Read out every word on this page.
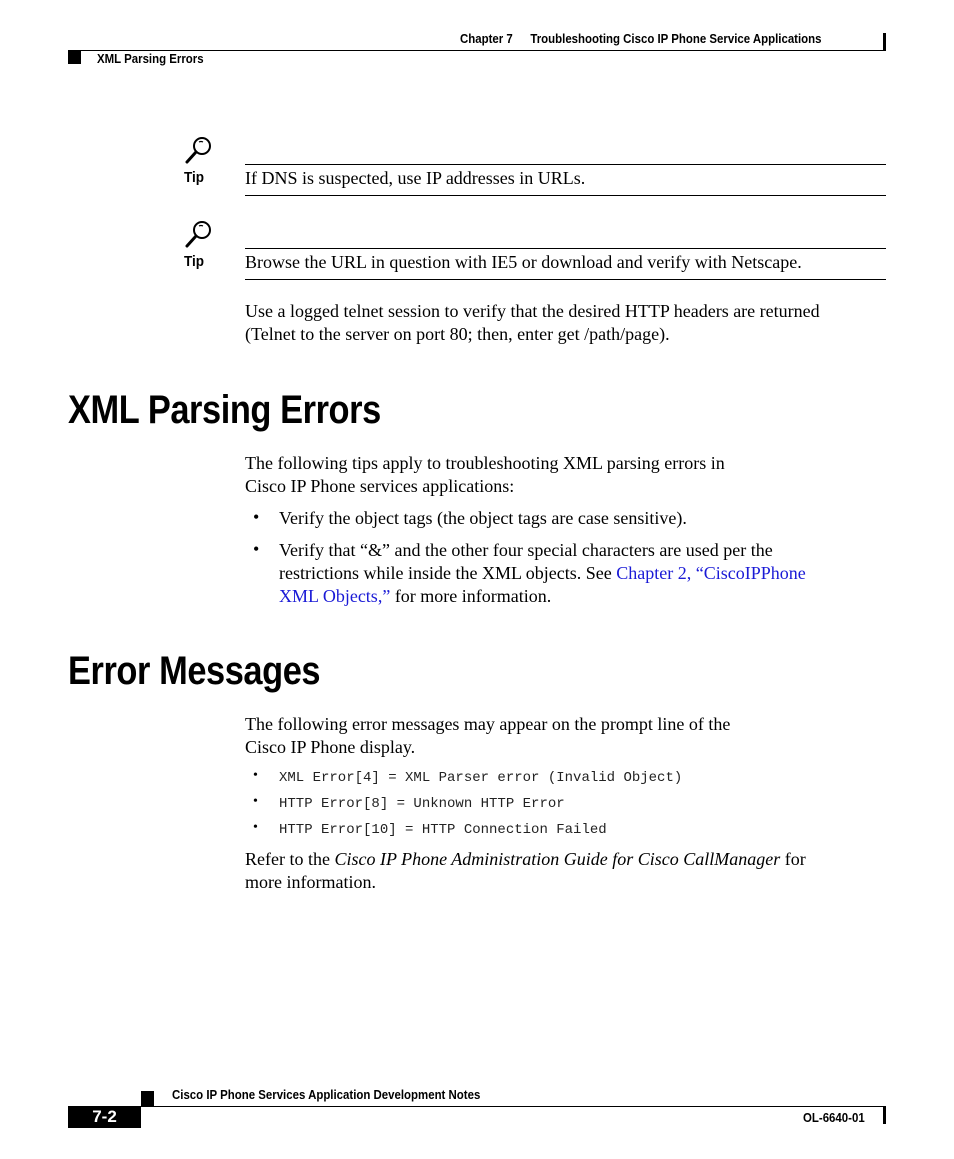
Chapter 7 Troubleshooting Cisco IP Phone Service Applications
XML Parsing Errors
Tip If DNS is suspected, use IP addresses in URLs.
Tip Browse the URL in question with IE5 or download and verify with Netscape.
Use a logged telnet session to verify that the desired HTTP headers are returned
(Telnet to the server on port 80; then, enter get /path/page).
XML Parsing Errors
The following tips apply to troubleshooting XML parsing errors in
Cisco IP Phone services applications:
• Verify the object tags (the object tags are case sensitive).
• Verify that “&” and the other four special characters are used per the
restrictions while inside the XML objects. See Chapter 2, “CiscoIPPhone
XML Objects,” for more information.
Error Messages
The following error messages may appear on the prompt line of the
Cisco IP Phone display.
• XML Error[4] = XML Parser error (Invalid Object)
• HTTP Error[8] = Unknown HTTP Error
• HTTP Error[10] = HTTP Connection Failed
Refer to the Cisco IP Phone Administration Guide for Cisco CallManager for
more information.
Cisco IP Phone Services Application Development Notes
7-2	OL-6640-01
